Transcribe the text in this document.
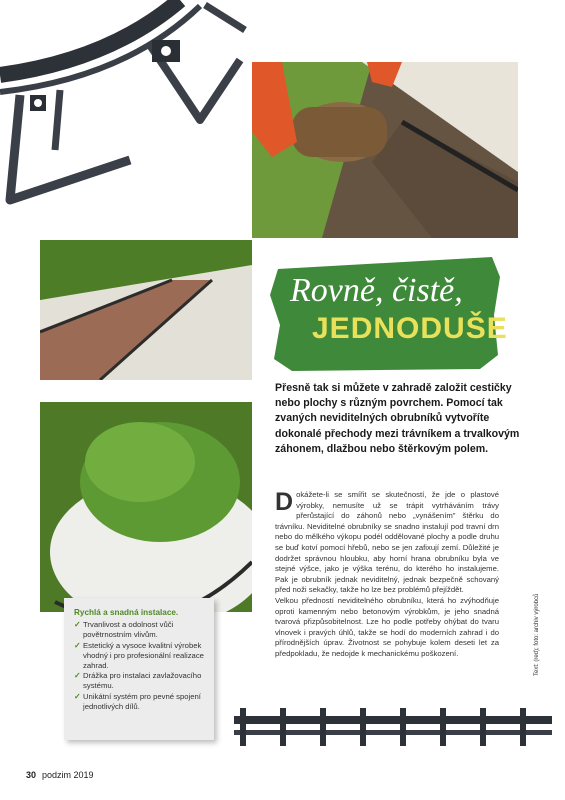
Rovně, čistě,
JEDNODUŠE
Přesně tak si můžete v zahradě založit cestičky nebo plochy s různým povrchem. Pomocí tak zvaných neviditelných obrubníků vytvoříte dokonalé přechody mezi trávníkem a trvalkovým záhonem, dlažbou nebo štěrkovým polem.

Dokážete-li se smířit se skutečností, že jde o plastové výrobky, nemusíte už se trápit vytrháváním trávy přerůstající do záhonů nebo „vynášením" štěrku do trávníku. Neviditelné obrubníky se snadno instalují pod travní drn nebo do mělkého výkopu podél oddělované plochy a podle druhu se buď kotví pomocí hřebů, nebo se jen zafixují zemí. Důležité je dodržet správnou hloubku, aby horní hrana obrubníku byla ve stejné výšce, jako je výška terénu, do kterého ho instalujeme. Pak je obrubník jednak neviditelný, jednak bezpečně schovaný před noži sekačky, takže ho lze bez problémů přejíždět.

Velkou předností neviditelného obrubníku, která ho zvýhodňuje oproti kamenným nebo betonovým výrobkům, je jeho snadná tvarová přizpůsobitelnost. Lze ho podle potřeby ohýbat do tvaru vlnovek i pravých úhlů, takže se hodí do moderních zahrad i do přírodnějších úprav. Životnost se pohybuje kolem deseti let za předpokladu, že nedojde k mechanickému poškození.	Text: (red); foto: archiv výrobců
Rychlá a snadná instalace.
✓ Trvanlivost a odolnost vůči povětrnostním vlivům.
✓ Estetický a vysoce kvalitní výrobek vhodný i pro profesionální realizace zahrad.
✓ Drážka pro instalaci zavlažovacího systému.
✓ Unikátní systém pro pevné spojení jednotlivých dílů.
30 podzim 2019
